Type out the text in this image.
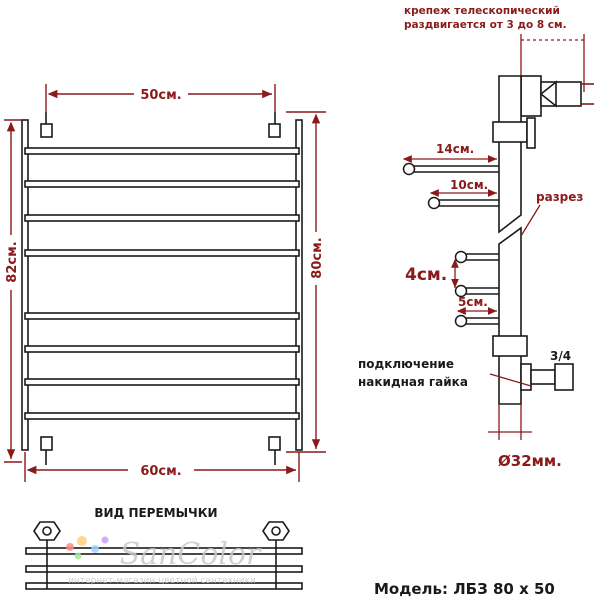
50см.
82см.	80см.
60см.
крепеж телескопический
раздвигается от 3 до 8 см.
14см.
10см.
разрез
4см.
5см.
3/4
подключение
накидная гайка
Ø32мм.
ВИД ПЕРЕМЫЧКИ
SanColor
интернет-магазин цветной сантехники	Модель: ЛБЗ 80 х 50
